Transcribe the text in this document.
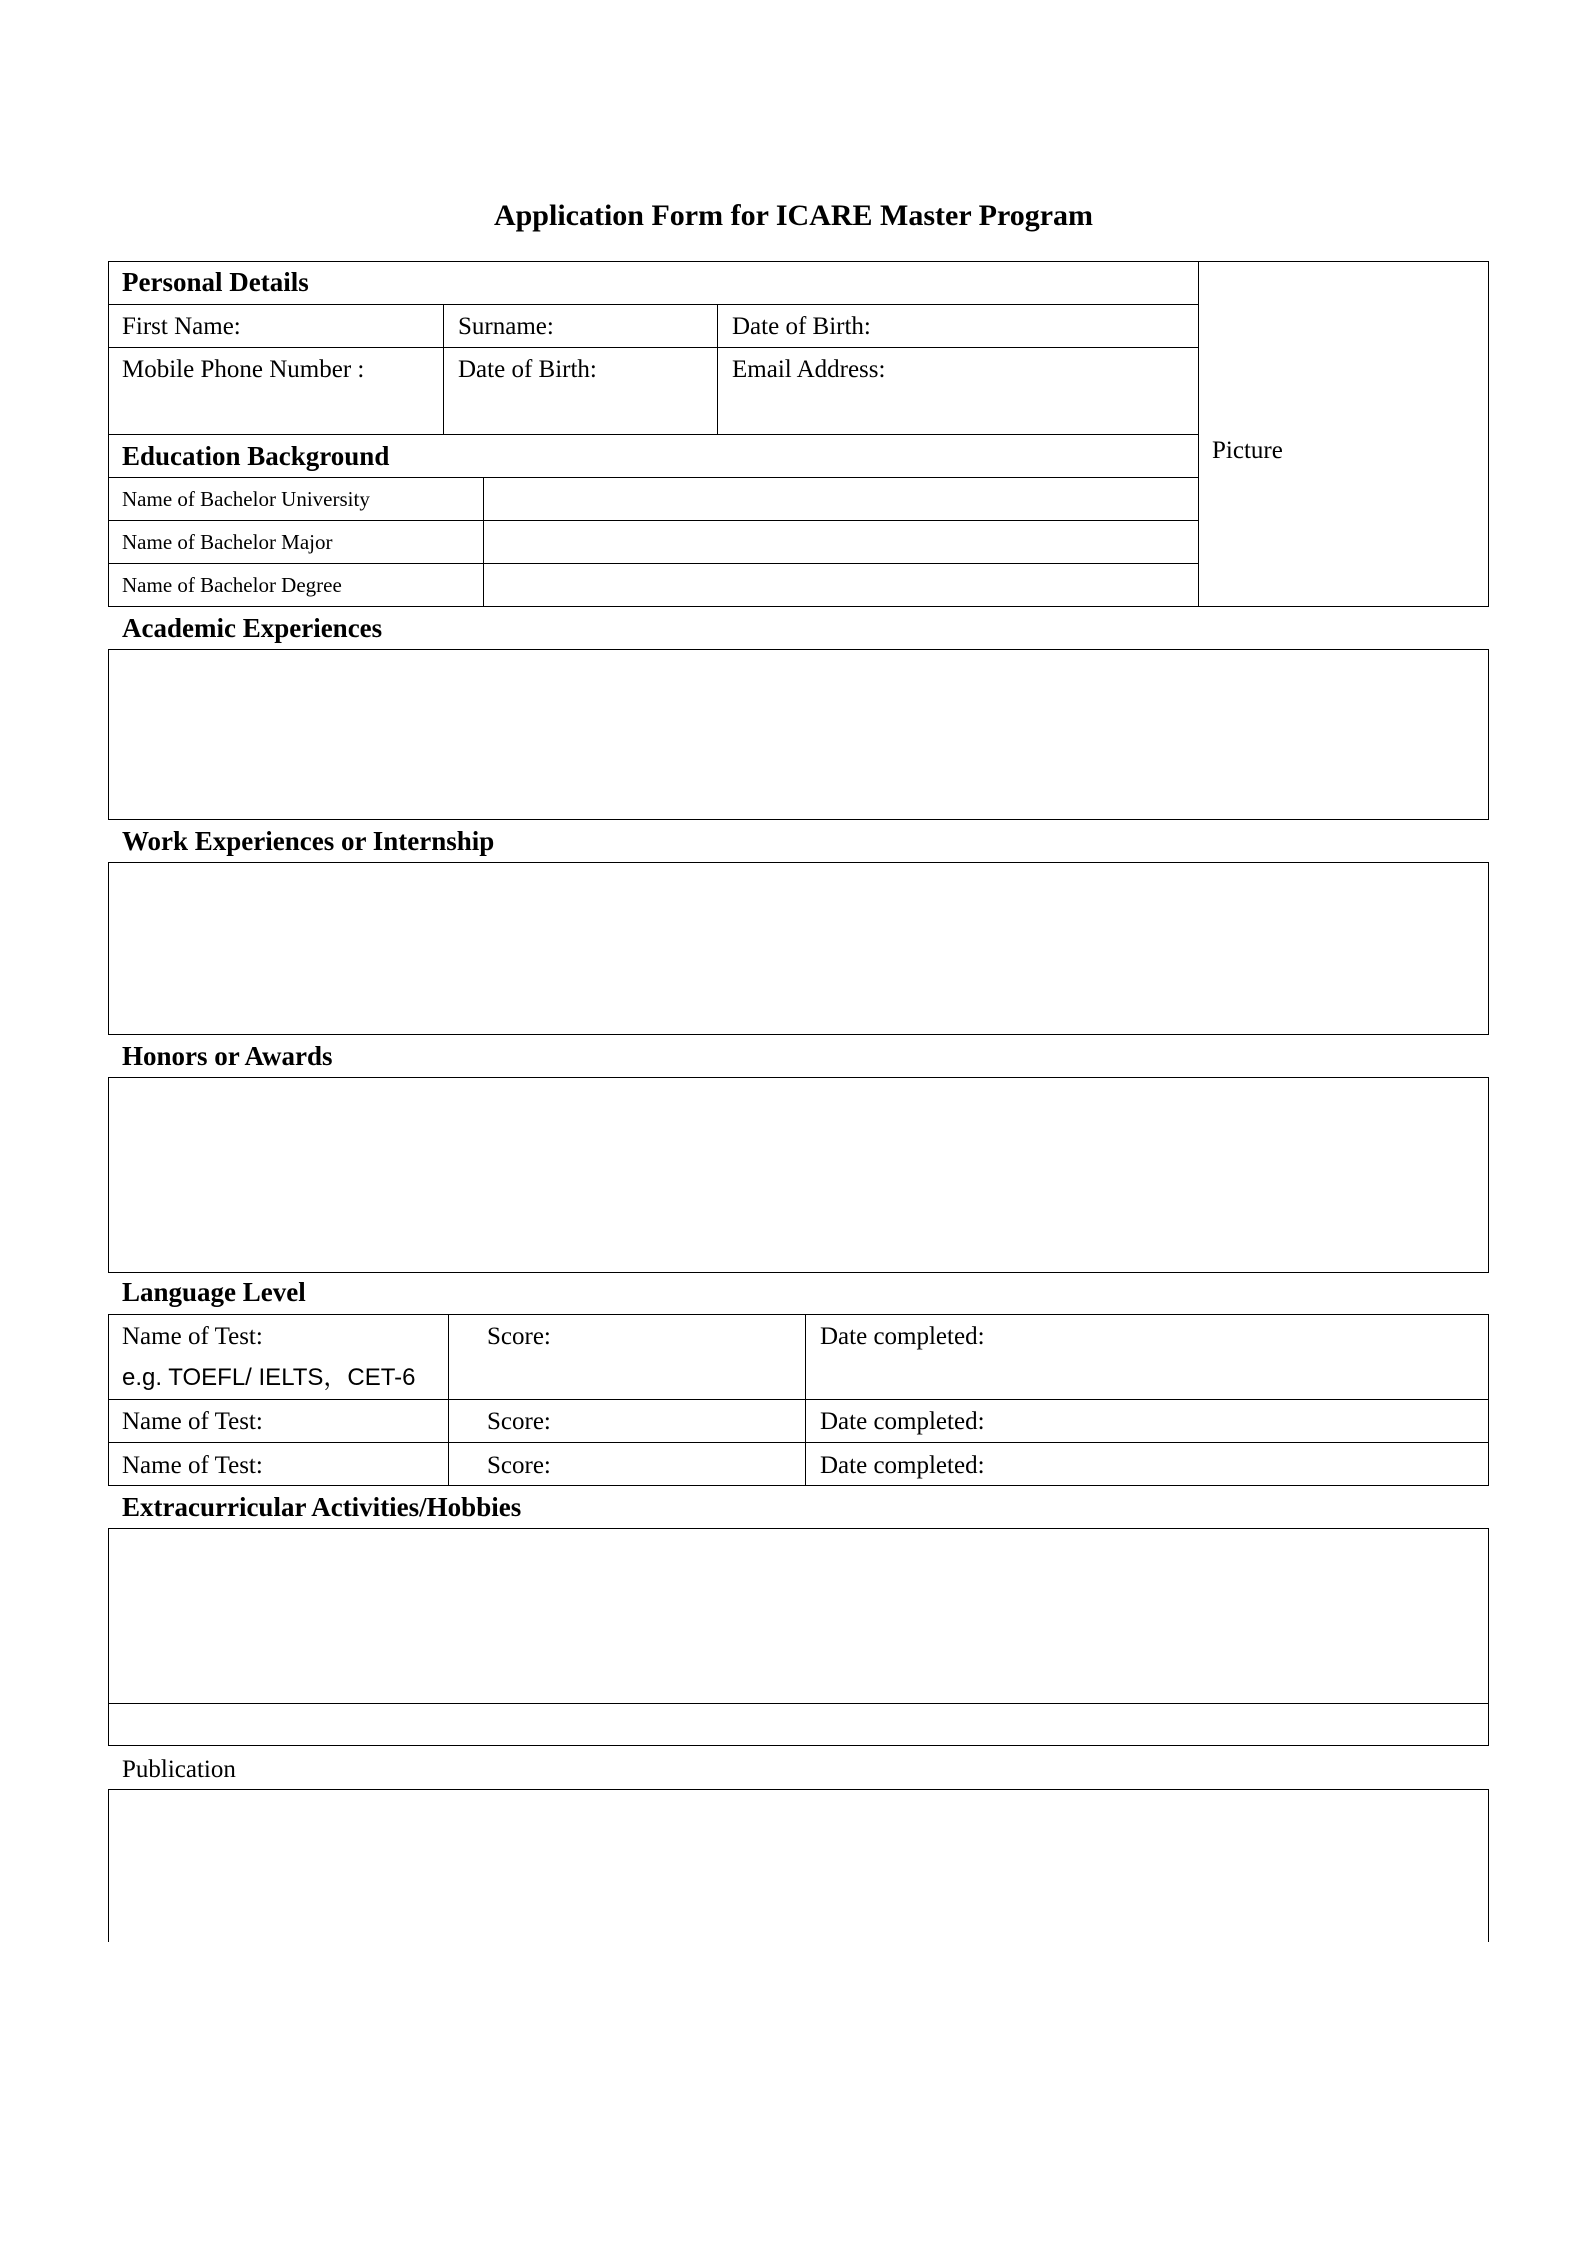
Application Form for ICARE Master Program
Personal Details
First Name:	Surname:	Date of Birth:
Mobile Phone Number :	Date of Birth:	Email Address:
Picture
Education Background
Name of Bachelor University
Name of Bachelor Major
Name of Bachelor Degree
Academic Experiences
Work Experiences or Internship
Honors or Awards
Language Level
Name of Test:
e.g. TOEFL/ IELTS，CET-6
Score:	Date completed:
Name of Test:	Score:	Date completed:
Name of Test:	Score:	Date completed:
Extracurricular Activities/Hobbies
Publication
